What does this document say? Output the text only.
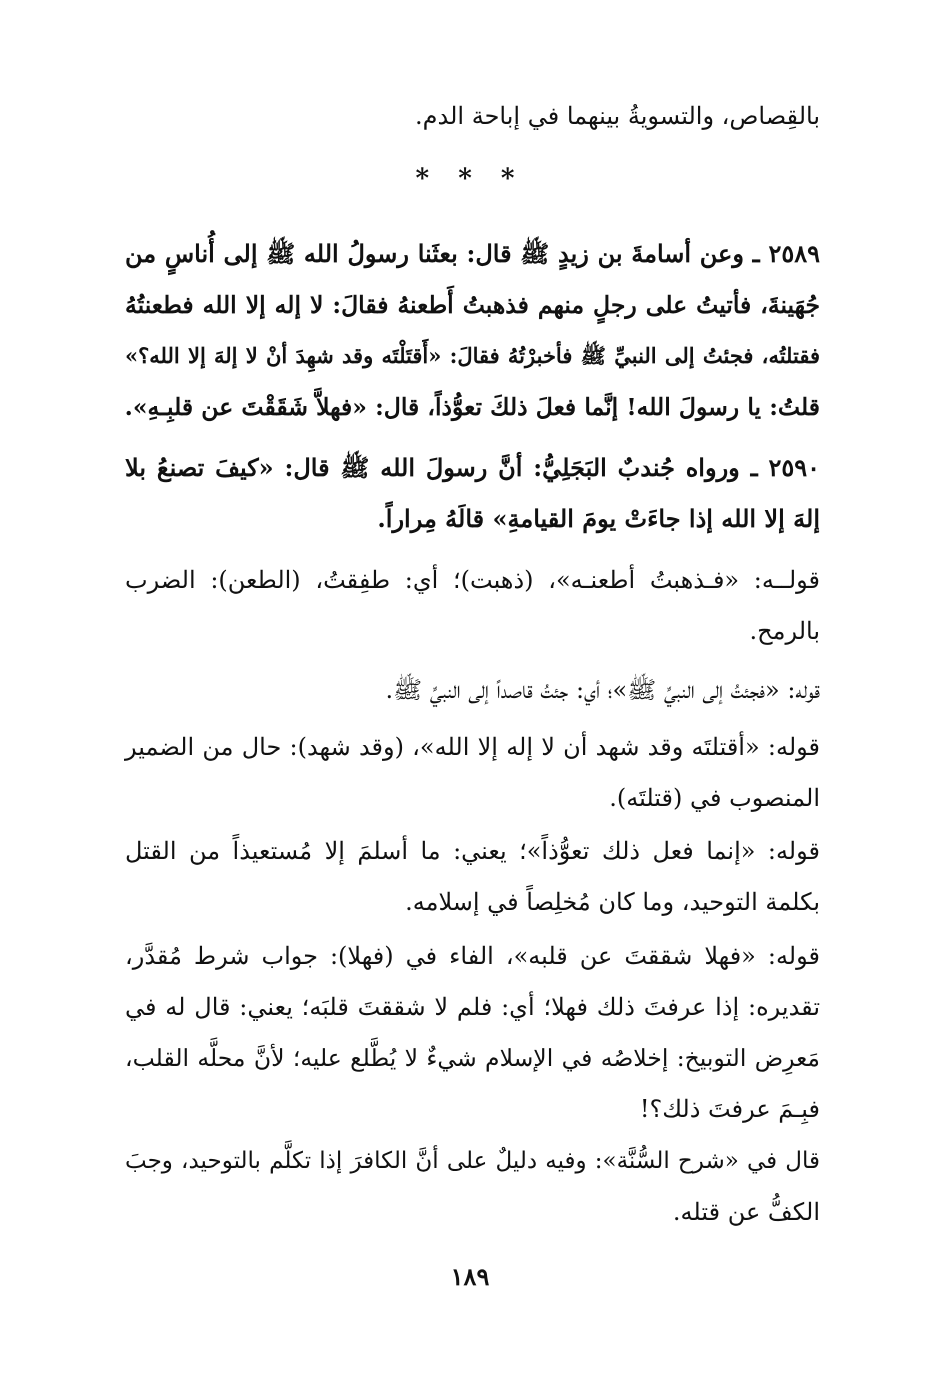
بالقِصاص، والتسويةُ بينهما في إباحة الدم.
* * *
٢٥٨٩ ـ وعن أسامةَ بن زيدٍ ﷺ قال: بعثَنا رسولُ الله ﷺ إلى أُناسٍ من
جُهَينةَ، فأتيتُ على رجلٍ منهم فذهبتُ أَطعنهُ فقالَ: لا إله إلا الله فطعنتُهُ
فقتلتُه، فجئتُ إلى النبيِّ ﷺ فأخبرْتُهُ فقالَ: «أَقتَلْتَه وقد شهِدَ أنْ لا إلهَ إلا الله؟»
قلتُ: يا رسولَ الله! إنَّما فعلَ ذلكَ تعوُّذاً، قال: «فهلاَّ شَقَقْتَ عن قلبِـهِ».
٢٥٩٠ ـ ورواه جُندبٌ البَجَلِيُّ: أنَّ رسولَ الله ﷺ قال: «كيفَ تصنعُ بلا
إلهَ إلا الله إذا جاءَتْ يومَ القيامةِ» قالَهُ مِراراً.
قولــه: «فـذهبتُ أطعنـه»، (ذهبت)؛ أي: طفِقتُ، (الطعن): الضرب
بالرمح.
قوله: «فجئتُ إلى النبيِّ ﷺ»؛ أي: جئتُ قاصداً إلى النبيِّ ﷺ.
قوله: «أقتلتَه وقد شهد أن لا إله إلا الله»، (وقد شهد): حال من الضمير
المنصوب في (قتلتَه).
قوله: «إنما فعل ذلك تعوُّذاً»؛ يعني: ما أسلمَ إلا مُستعيذاً من القتل
بكلمة التوحيد، وما كان مُخلِصاً في إسلامه.
قوله: «فهلا شققتَ عن قلبه»، الفاء في (فهلا): جواب شرط مُقدَّر،
تقديره: إذا عرفتَ ذلك فهلا؛ أي: فلم لا شققتَ قلبَه؛ يعني: قال له في
مَعرِض التوبيخ: إخلاصُه في الإسلام شيءٌ لا يُطَّلع عليه؛ لأنَّ محلَّه القلب،
فبِـمَ عرفتَ ذلك؟!
قال في «شرح السُّنَّة»: وفيه دليلٌ على أنَّ الكافرَ إذا تكلَّم بالتوحيد، وجبَ
الكفُّ عن قتله.
١٨٩
